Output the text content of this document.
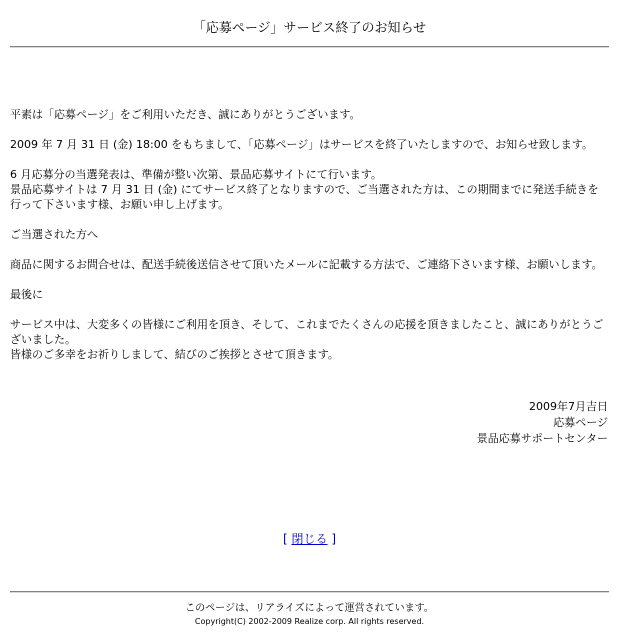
「応募ページ」サービス終了のお知らせ

平素は「応募ページ」をご利用いただき、誠にありがとうございます。

2009 年 7 月 31 日 (金) 18:00 をもちまして、「応募ページ」はサービスを終了いたしますので、お知らせ致します。

6 月応募分の当選発表は、準備が整い次第、景品応募サイトにて行います。

景品応募サイトは 7 月 31 日 (金) にてサービス終了となりますので、ご当選された方は、この期間までに発送手続きを行って下さいます様、お願い申し上げます。

ご当選された方へ

商品に関するお問合せは、配送手続後送信させて頂いたメールに記載する方法で、ご連絡下さいます様、お願いします。

最後に

サービス中は、大変多くの皆様にご利用を頂き、そして、これまでたくさんの応援を頂きましたこと、誠にありがとうございました。

皆様のご多幸をお祈りしまして、結びのご挨拶とさせて頂きます。

2009年7月吉日
応募ページ
景品応募サポートセンター
[ 閉じる ]
このページは、リアライズによって運営されています。
Copyright(C) 2002-2009 Realize corp. All rights reserved.
